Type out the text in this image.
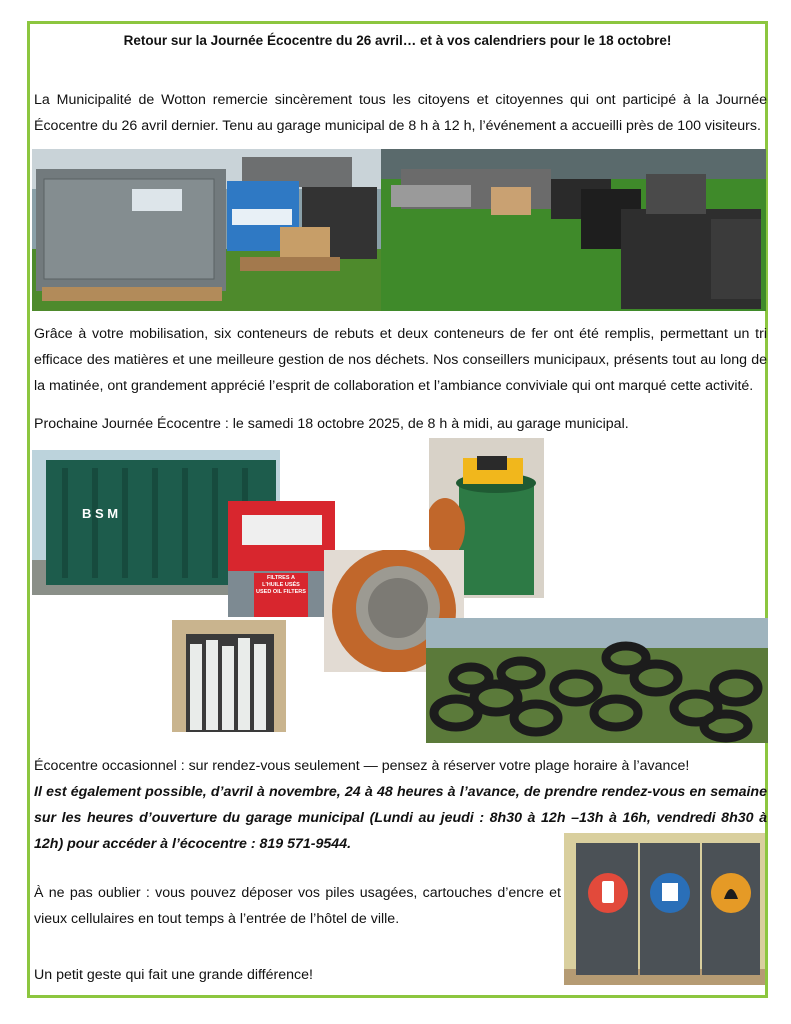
Retour sur la Journée Écocentre du 26 avril… et à vos calendriers pour le 18 octobre!
La Municipalité de Wotton remercie sincèrement tous les citoyens et citoyennes qui ont participé à la Journée Écocentre du 26 avril dernier. Tenu au garage municipal de 8 h à 12 h, l’événement a accueilli près de 100 visiteurs.
Grâce à votre mobilisation, six conteneurs de rebuts et deux conteneurs de fer ont été remplis, permettant un tri efficace des matières et une meilleure gestion de nos déchets. Nos conseillers municipaux, présents tout au long de la matinée, ont grandement apprécié l’esprit de collaboration et l’ambiance conviviale qui ont marqué cette activité.
Prochaine Journée Écocentre : le samedi 18 octobre 2025, de 8 h à midi, au garage municipal.
B S M
FILTRES À L'HUILE USÉS USED OIL FILTERS
Écocentre occasionnel : sur rendez-vous seulement — pensez à réserver votre plage horaire à l’avance!
Il est également possible, d’avril à novembre, 24 à 48 heures à l’avance, de prendre rendez-vous en semaine sur les heures d’ouverture du garage municipal (Lundi au jeudi : 8h30 à 12h –13h à 16h, vendredi 8h30 à 12h) pour accéder à l’écocentre : 819 571-9544.
À ne pas oublier : vous pouvez déposer vos piles usagées, cartouches d’encre et vieux cellulaires en tout temps à l’entrée de l’hôtel de ville.
Un petit geste qui fait une grande différence!
